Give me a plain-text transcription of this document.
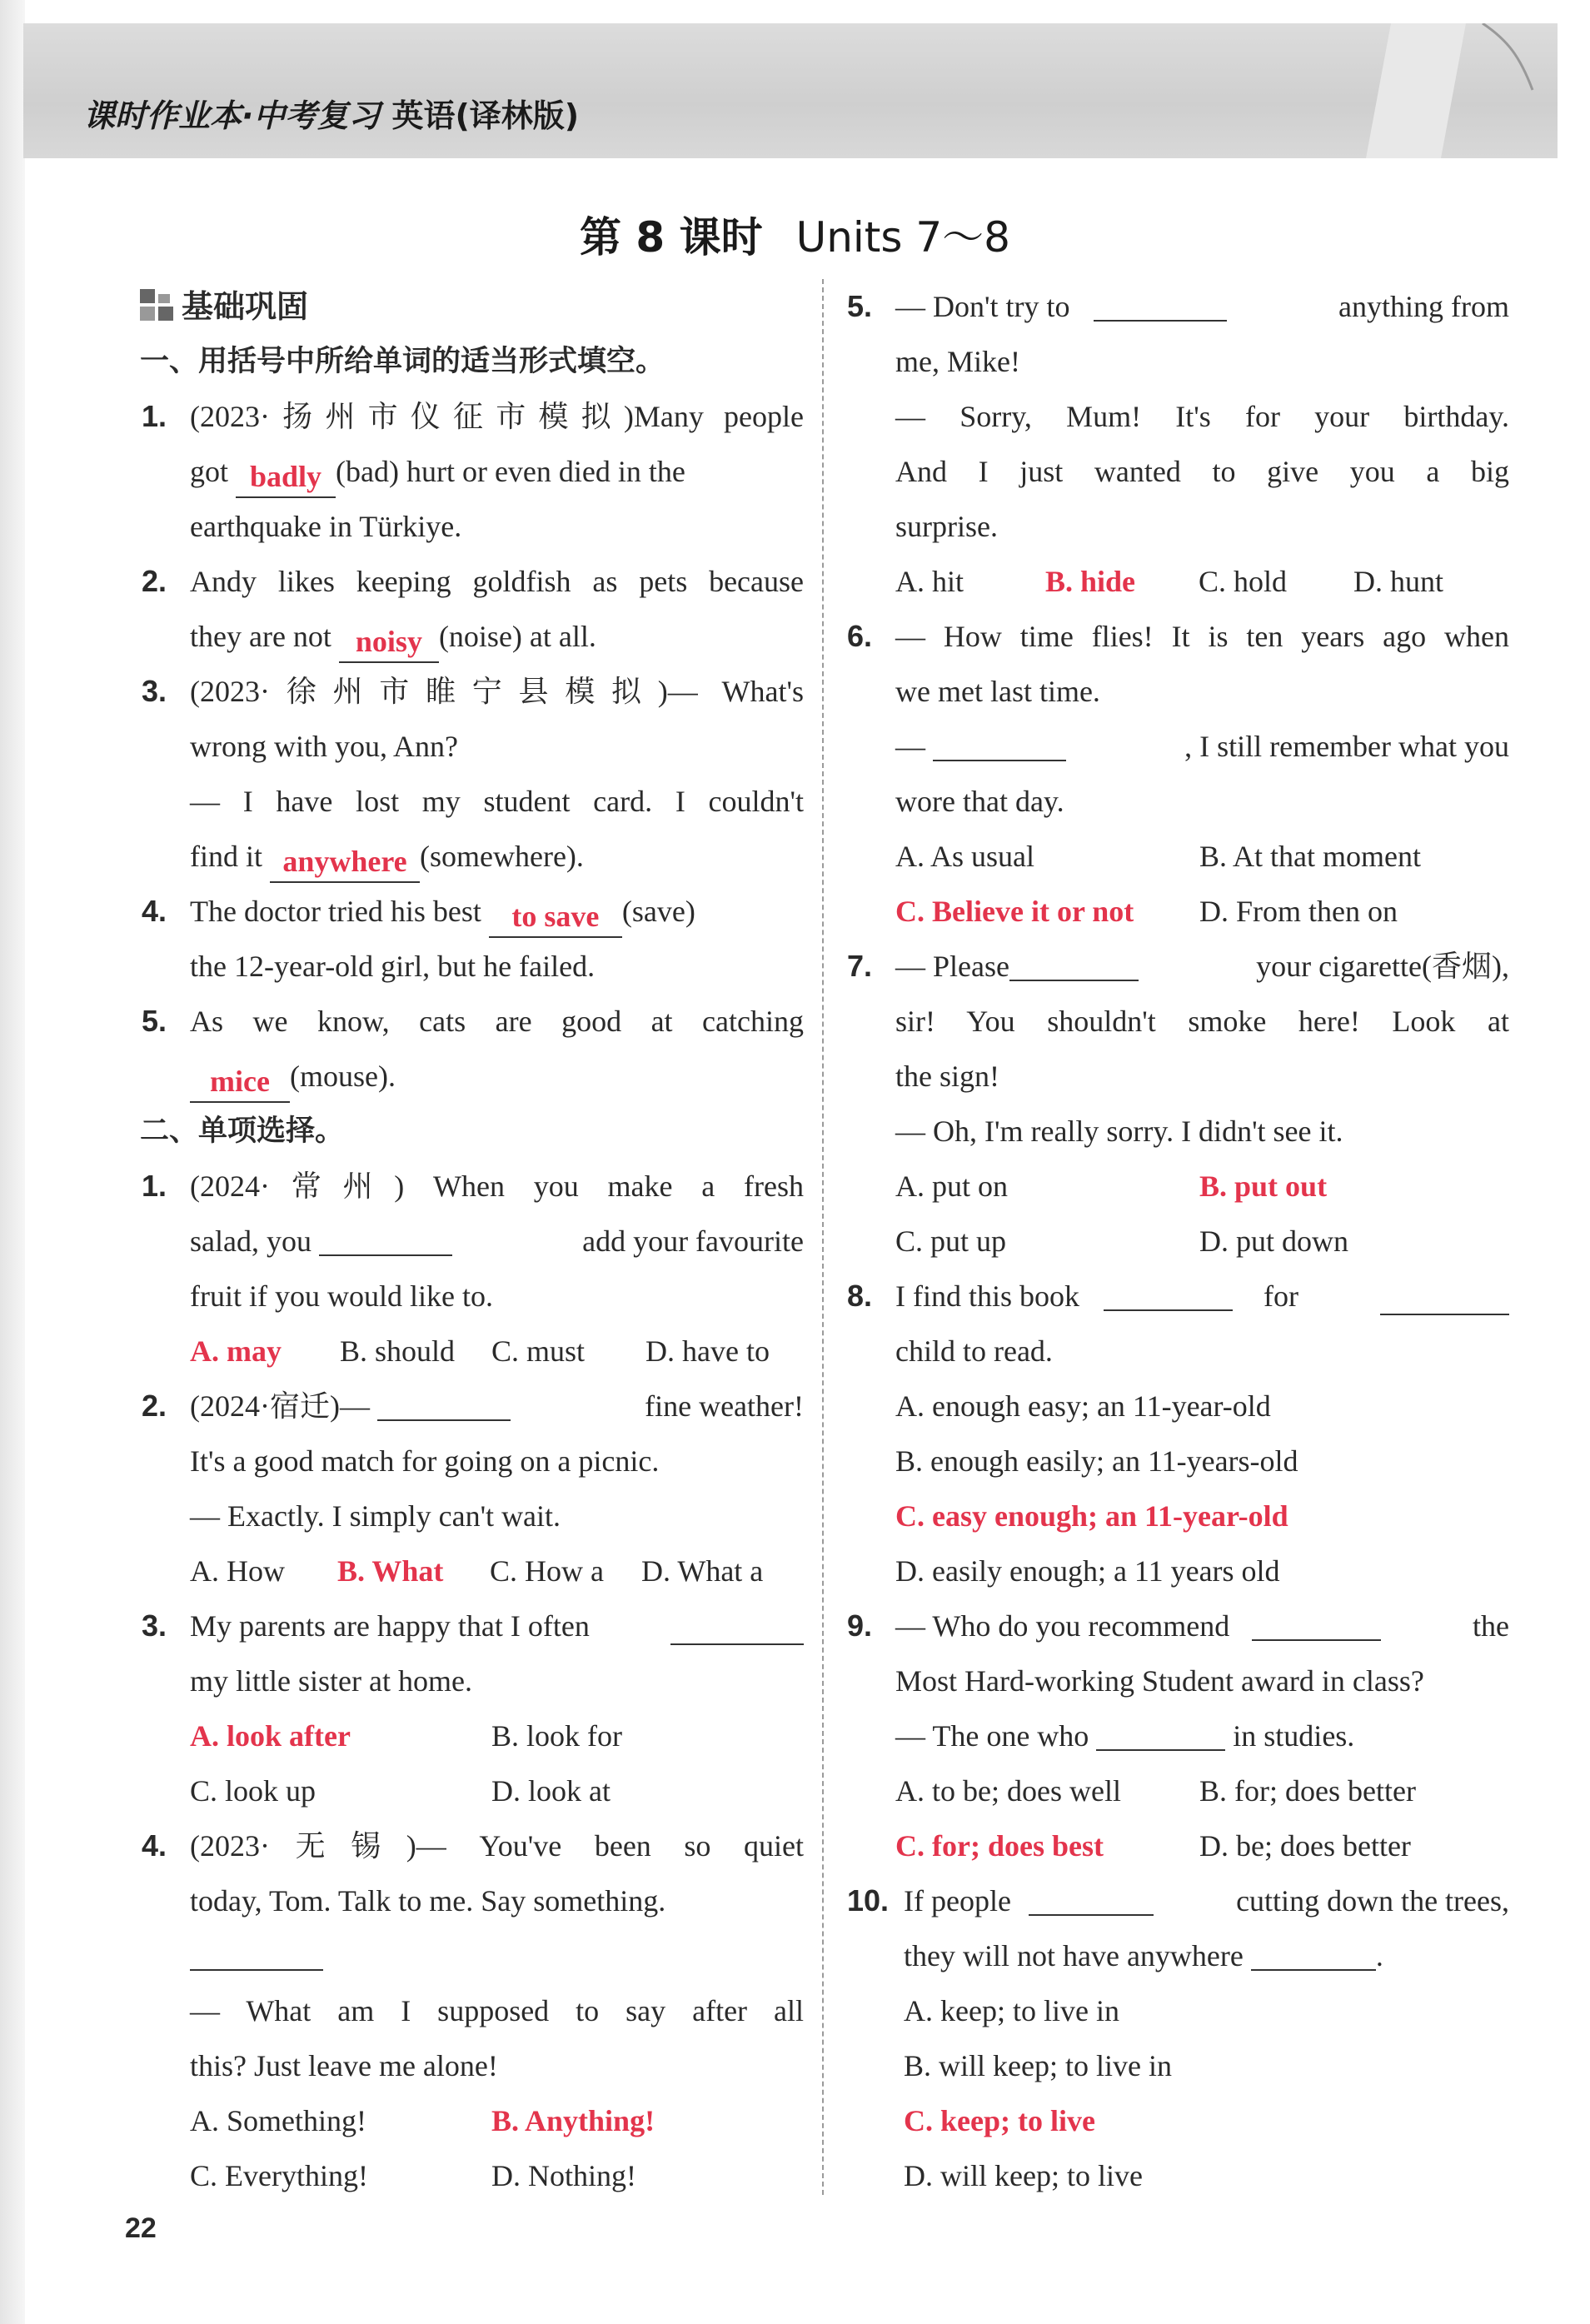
课时作业本·中考复习 英语(译林版)
第 8 课时 Units 7～8
基础巩固
一、用括号中所给单词的适当形式填空。
1. (2023·扬州市仪征市模拟)Many people
got badly (bad) hurt or even died in the
earthquake in Türkiye.
2. Andy likes keeping goldfish as pets because
they are not noisy (noise) at all.
3. (2023·徐州市睢宁县模拟)— What's
wrong with you, Ann?
— I have lost my student card. I couldn't
find it anywhere (somewhere).
4. The doctor tried his best to save (save)
the 12-year-old girl, but he failed.
5. As we know, cats are good at catching
mice (mouse).
二、单项选择。
1. (2024·常州) When you make a fresh
salad, you	add your favourite
fruit if you would like to.
A. may B. should C. must D. have to
2. (2024·宿迁)—	fine weather!
It's a good match for going on a picnic.
— Exactly. I simply can't wait.
A. How B. What C. How a D. What a
3. My parents are happy that I often
my little sister at home.
A. look after	B. look for
C. look up	D. look at
4. (2023·无锡)— You've been so quiet
today, Tom. Talk to me. Say something.
— What am I supposed to say after all
this? Just leave me alone!
A. Something!	B. Anything!
C. Everything!	D. Nothing!
5. — Don't try to	anything from
me, Mike!
— Sorry, Mum! It's for your birthday.
And I just wanted to give you a big
surprise.
A. hit	B. hide C. hold D. hunt
6. — How time flies! It is ten years ago when
we met last time.
—	, I still remember what you
wore that day.
A. As usual	B. At that moment
C. Believe it or not D. From then on
7. — Please	your cigarette(香烟),
sir! You shouldn't smoke here! Look at
the sign!
— Oh, I'm really sorry. I didn't see it.
A. put on	B. put out
C. put up	D. put down
8. I find this book	for
child to read.
A. enough easy; an 11-year-old
B. enough easily; an 11-years-old
C. easy enough; an 11-year-old
D. easily enough; a 11 years old
9. — Who do you recommend	the
Most Hard-working Student award in class?
— The one who	in studies.
A. to be; does well	B. for; does better
C. for; does best	D. be; does better
10. If people	cutting down the trees,
they will not have anywhere	.
A. keep; to live in
B. will keep; to live in
C. keep; to live
D. will keep; to live
22
